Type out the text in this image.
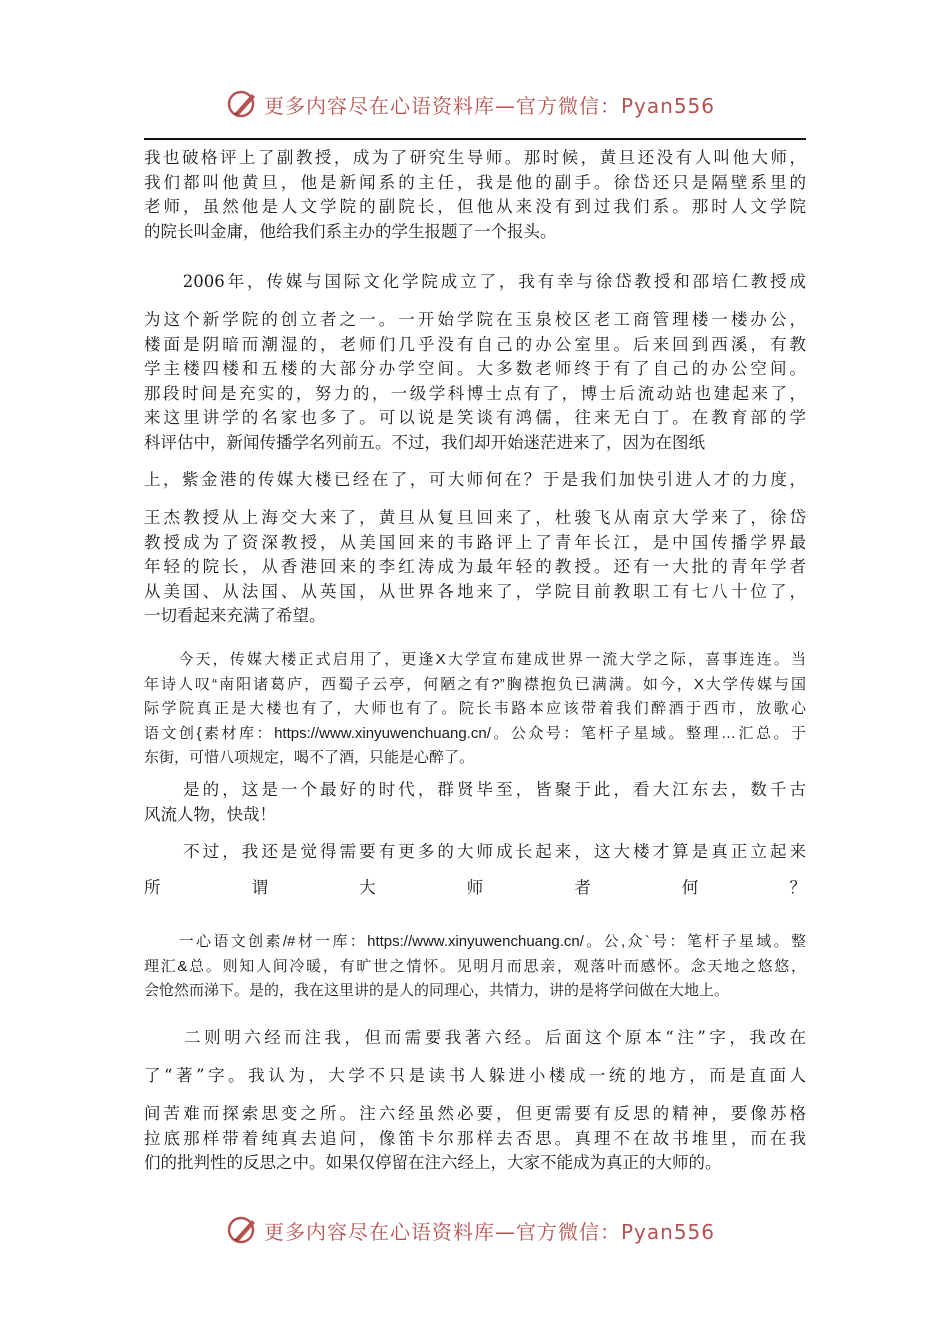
更多内容尽在心语资料库—官方微信：Pyan556
我也破格评上了副教授，成为了研究生导师。那时候，黄旦还没有人叫他大师，
我们都叫他黄旦，他是新闻系的主任，我是他的副手。徐岱还只是隔壁系里的
老师，虽然他是人文学院的副院长，但他从来没有到过我们系。那时人文学院
的院长叫金庸，他给我们系主办的学生报题了一个报头。
　　2006年，传媒与国际文化学院成立了，我有幸与徐岱教授和邵培仁教授成
为这个新学院的创立者之一。一开始学院在玉泉校区老工商管理楼一楼办公，
楼面是阴暗而潮湿的，老师们几乎没有自己的办公室里。后来回到西溪，有教
学主楼四楼和五楼的大部分办学空间。大多数老师终于有了自己的办公空间。
那段时间是充实的，努力的，一级学科博士点有了，博士后流动站也建起来了，
来这里讲学的名家也多了。可以说是笑谈有鸿儒，往来无白丁。在教育部的学
科评估中，新闻传播学名列前五。不过，我们却开始迷茫进来了，因为在图纸
上，紫金港的传媒大楼已经在了，可大师何在？于是我们加快引进人才的力度，
王杰教授从上海交大来了，黄旦从复旦回来了，杜骏飞从南京大学来了，徐岱
教授成为了资深教授，从美国回来的韦路评上了青年长江，是中国传播学界最
年轻的院长，从香港回来的李红涛成为最年轻的教授。还有一大批的青年学者
从美国、从法国、从英国，从世界各地来了，学院目前教职工有七八十位了，
一切看起来充满了希望。
　　今天，传媒大楼正式启用了，更逢X大学宣布建成世界一流大学之际，喜事连连。当
年诗人叹“南阳诸葛庐，西蜀子云亭，何陋之有?”胸襟抱负已满满。如今，X大学传媒与国
际学院真正是大楼也有了，大师也有了。院长韦路本应该带着我们醉酒于西市，放歌心
语文创{素材库：https://www.xinyuwenchuang.cn/。公众号：笔杆子星域。整理…汇总。于
东街，可惜八项规定，喝不了酒，只能是心醉了。
　　是的，这是一个最好的时代，群贤毕至，皆聚于此，看大江东去，数千古
风流人物，快哉！
　　不过，我还是觉得需要有更多的大师成长起来，这大楼才算是真正立起来
所谓大师者何？
　　一心语文创素/#材一库：https://www.xinyuwenchuang.cn/。公,众`号：笔杆子星域。整
理汇&总。则知人间冷暖，有旷世之情怀。见明月而思亲，观落叶而感怀。念天地之悠悠，
会怆然而涕下。是的，我在这里讲的是人的同理心，共情力，讲的是将学问做在大地上。
　　二则明六经而注我，但而需要我著六经。后面这个原本“注”字，我改在
了“著”字。我认为，大学不只是读书人躲进小楼成一统的地方，而是直面人
间苦难而探索思变之所。注六经虽然必要，但更需要有反思的精神，要像苏格
拉底那样带着纯真去追问，像笛卡尔那样去否思。真理不在故书堆里，而在我
们的批判性的反思之中。如果仅停留在注六经上，大家不能成为真正的大师的。
更多内容尽在心语资料库—官方微信：Pyan556
